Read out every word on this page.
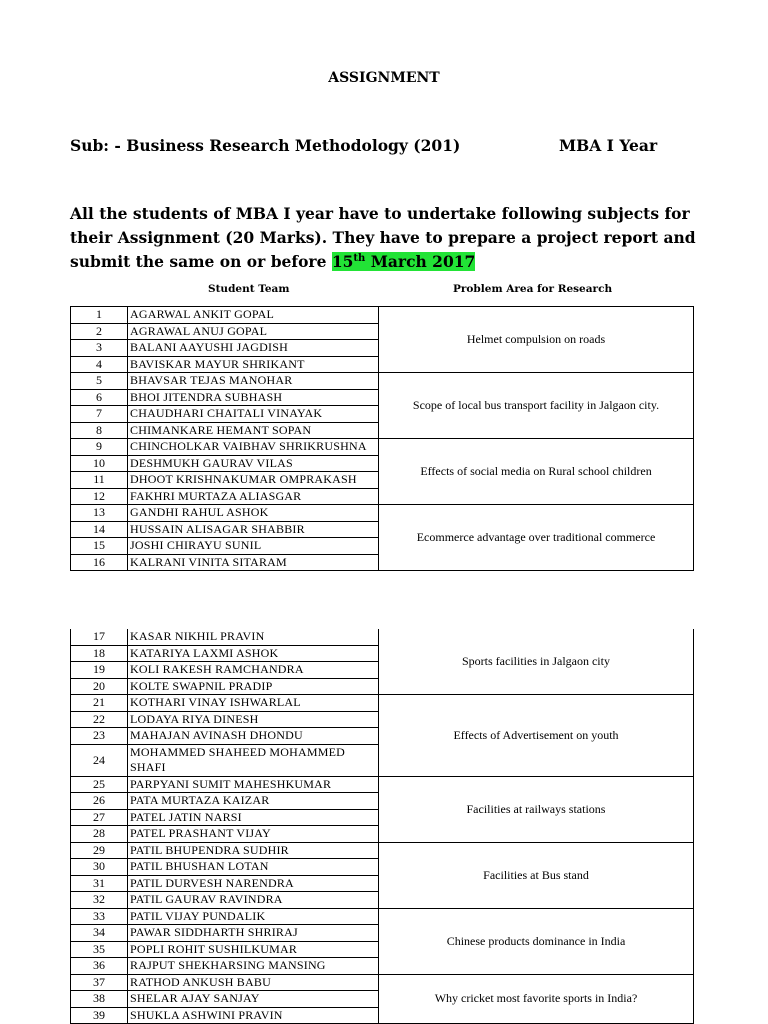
ASSIGNMENT
Sub: - Business Research Methodology (201)	MBA I Year
All the students of MBA I year have to undertake following subjects for their Assignment (20 Marks). They have to prepare a project report and submit the same on or before 15th March 2017
Student Team	Problem Area for Research
1	AGARWAL ANKIT GOPAL	Helmet compulsion on roads
2	AGRAWAL ANUJ GOPAL	
3	BALANI AAYUSHI JAGDISH	
4	BAVISKAR MAYUR SHRIKANT	
5	BHAVSAR TEJAS MANOHAR	Scope of local bus transport facility in Jalgaon city.
6	BHOI JITENDRA SUBHASH	
7	CHAUDHARI CHAITALI VINAYAK	
8	CHIMANKARE HEMANT SOPAN	
9	CHINCHOLKAR VAIBHAV SHRIKRUSHNA	Effects of social media on Rural school children
10	DESHMUKH GAURAV VILAS	
11	DHOOT KRISHNAKUMAR OMPRAKASH	
12	FAKHRI MURTAZA ALIASGAR	
13	GANDHI RAHUL ASHOK	Ecommerce advantage over traditional commerce
14	HUSSAIN ALISAGAR SHABBIR	
15	JOSHI CHIRAYU SUNIL	
16	KALRANI VINITA SITARAM	
17	KASAR NIKHIL PRAVIN	Sports facilities in Jalgaon city
18	KATARIYA LAXMI ASHOK	
19	KOLI RAKESH RAMCHANDRA	
20	KOLTE SWAPNIL PRADIP	
21	KOTHARI VINAY ISHWARLAL	Effects of Advertisement on youth
22	LODAYA RIYA DINESH	
23	MAHAJAN AVINASH DHONDU	
24	MOHAMMED SHAHEED MOHAMMED SHAFI	
25	PARPYANI SUMIT MAHESHKUMAR	Facilities at railways stations
26	PATA MURTAZA KAIZAR	
27	PATEL JATIN NARSI	
28	PATEL PRASHANT VIJAY	
29	PATIL BHUPENDRA SUDHIR	Facilities at Bus stand
30	PATIL BHUSHAN LOTAN	
31	PATIL DURVESH NARENDRA	
32	PATIL GAURAV RAVINDRA	
33	PATIL VIJAY PUNDALIK	Chinese products dominance in India
34	PAWAR SIDDHARTH SHRIRAJ	
35	POPLI ROHIT SUSHILKUMAR	
36	RAJPUT SHEKHARSING MANSING	
37	RATHOD ANKUSH BABU	Why cricket most favorite sports in India?
38	SHELAR AJAY SANJAY	
39	SHUKLA ASHWINI PRAVIN	
